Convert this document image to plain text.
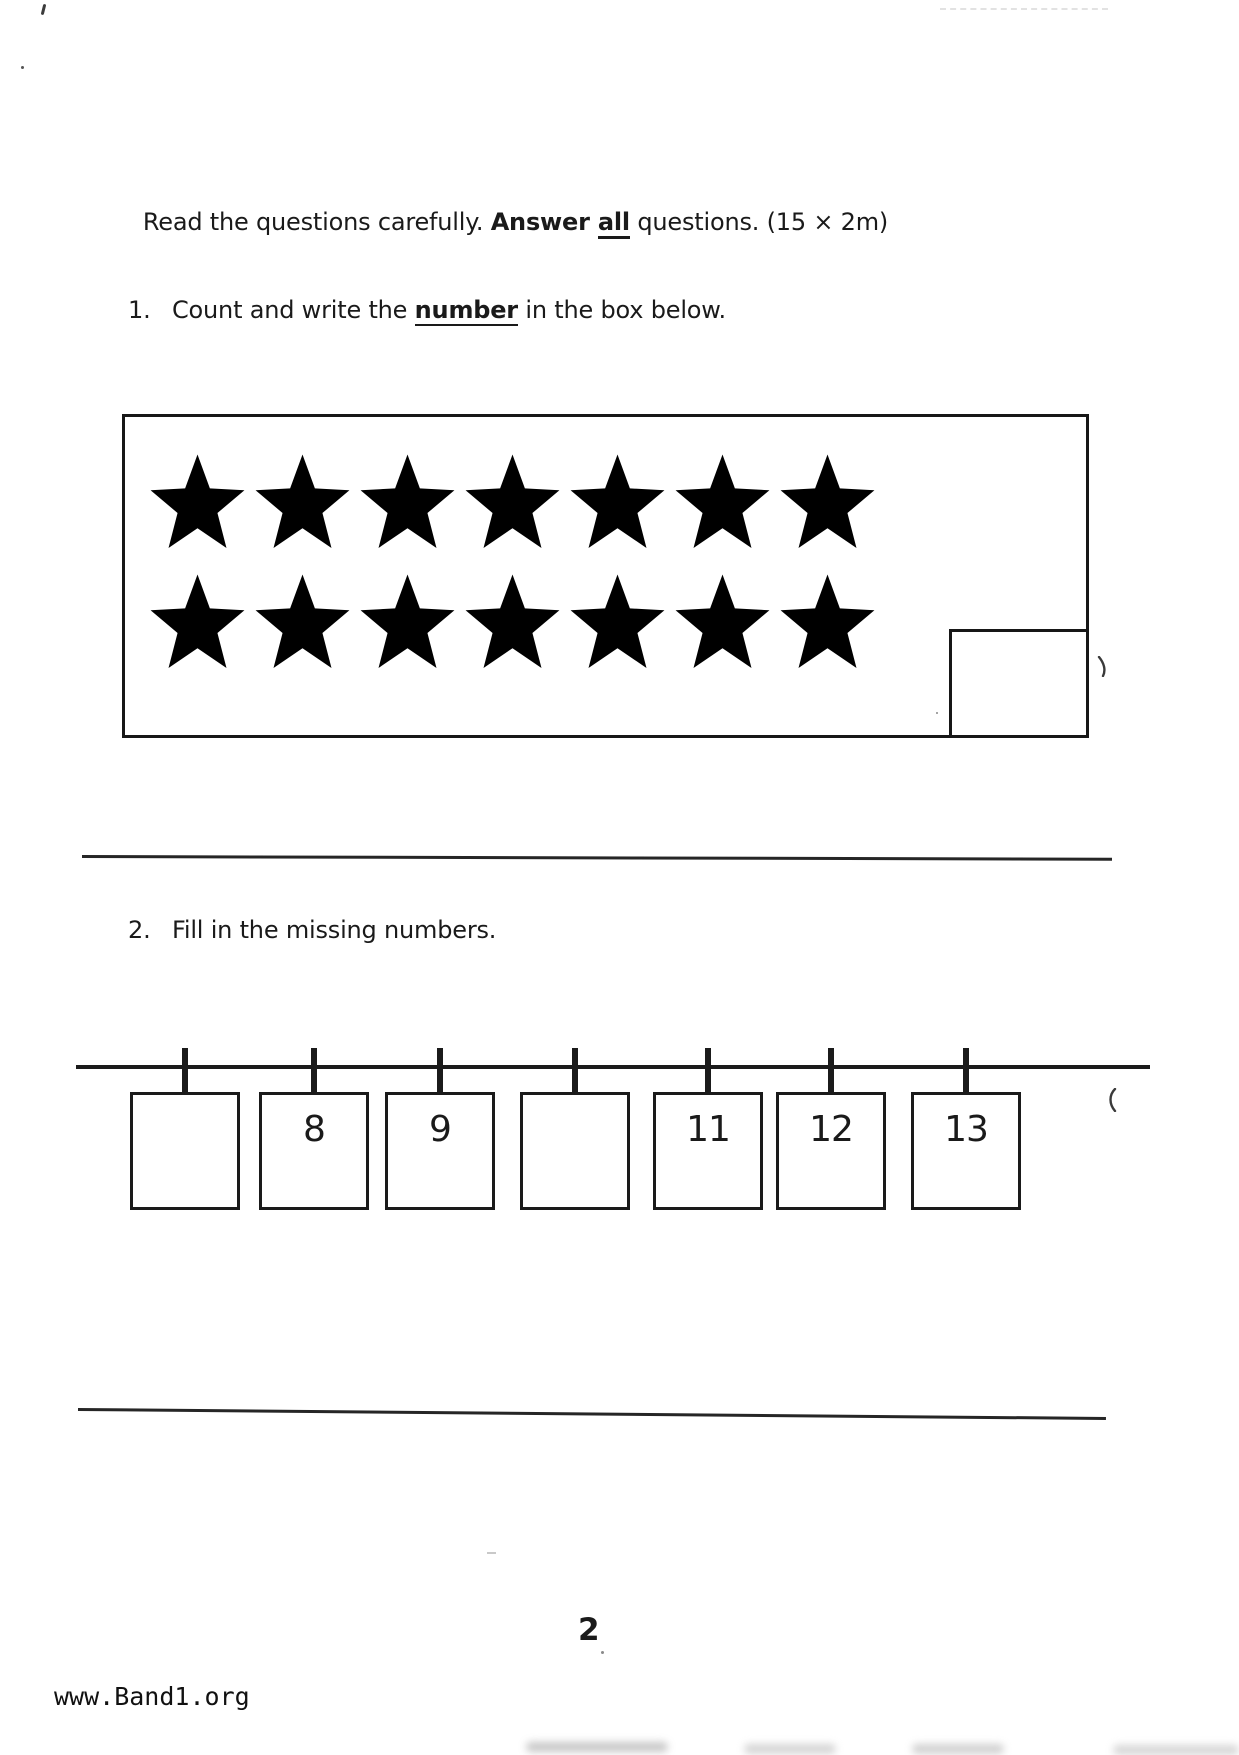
Read the questions carefully. Answer all questions. (15 × 2m)

1. Count and write the number in the box below.
2. Fill in the missing numbers.
8	9	11	12	13
2
www.Band1.org
